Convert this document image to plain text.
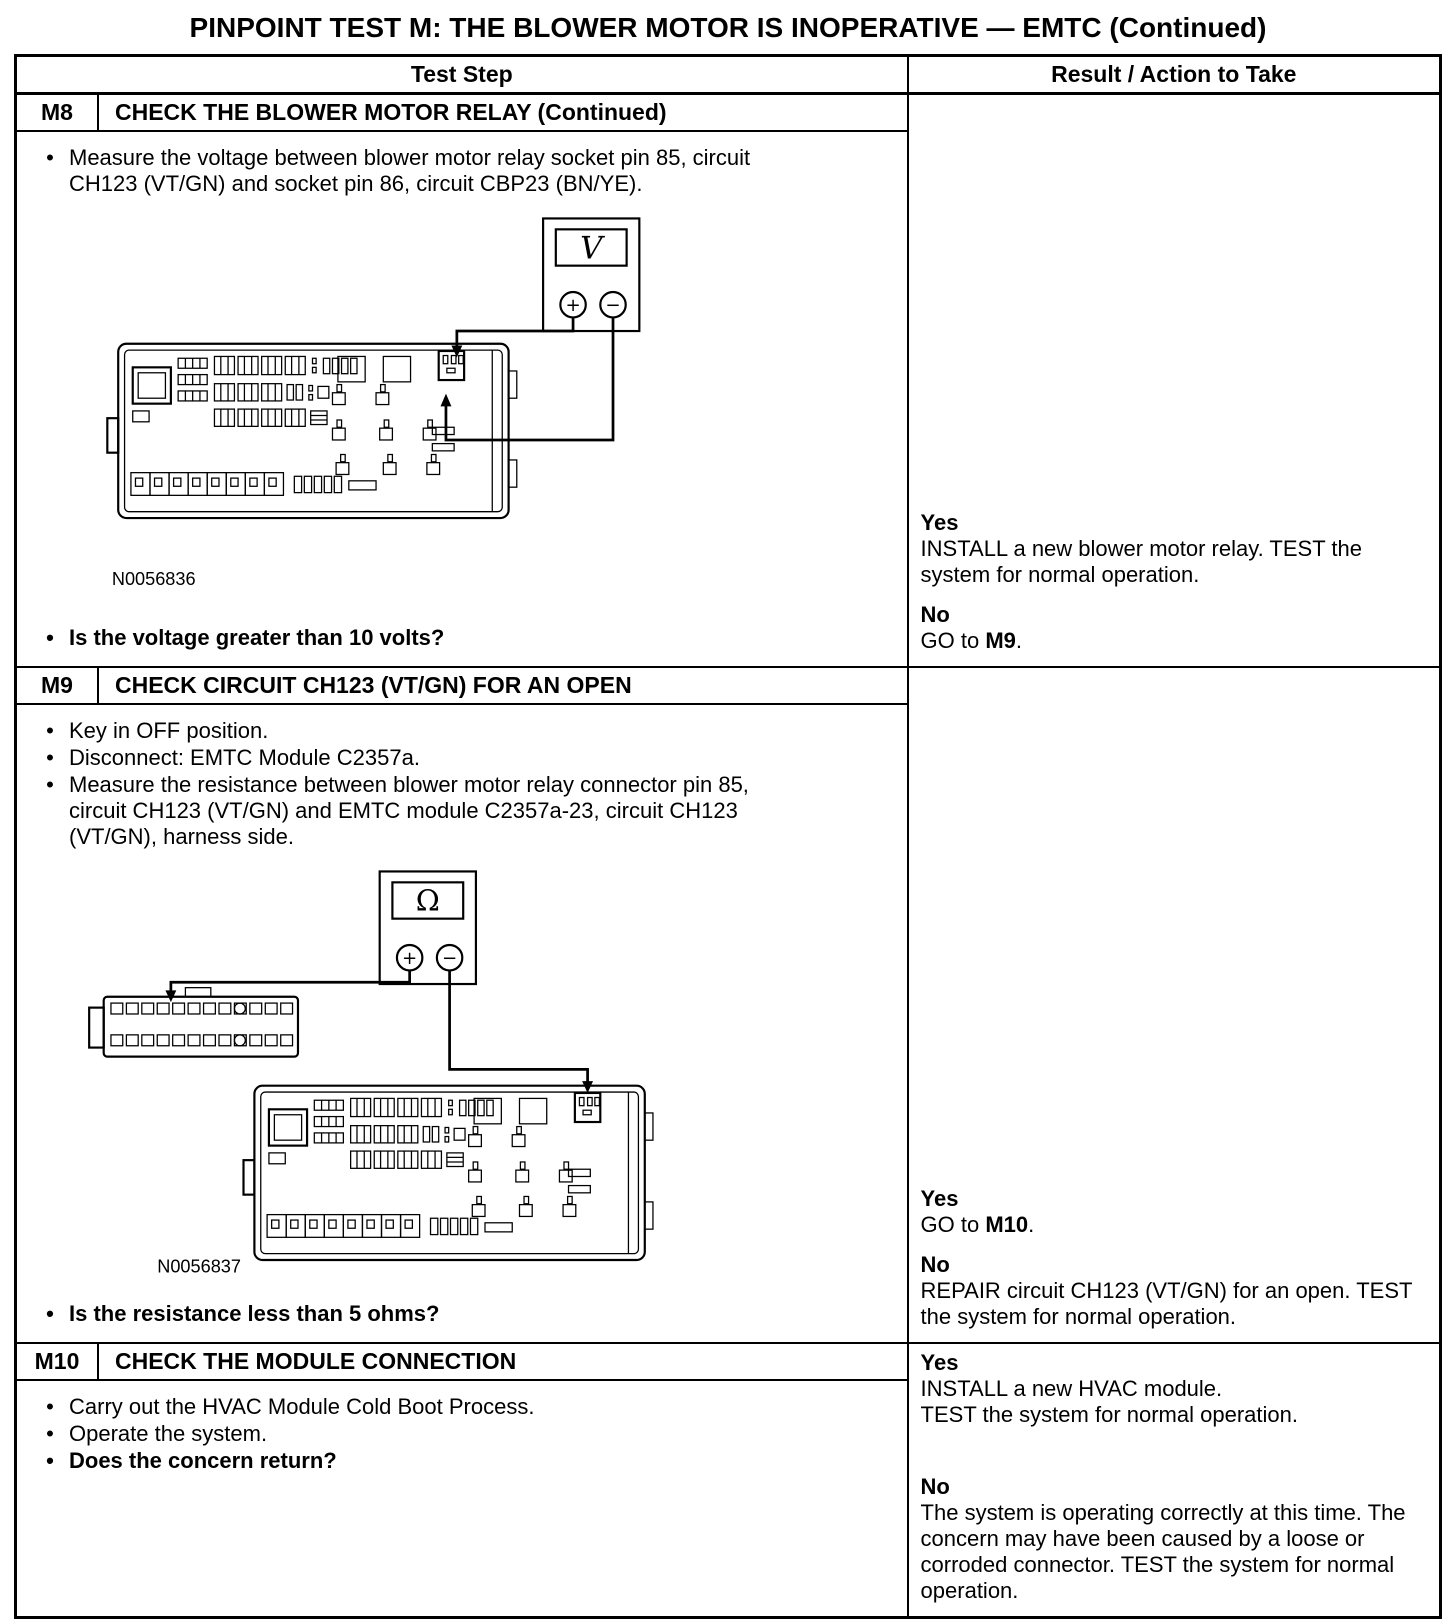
PINPOINT TEST M: THE BLOWER MOTOR IS INOPERATIVE — EMTC (Continued)
Test Step	Result / Action to Take

M8	CHECK THE BLOWER MOTOR RELAY (Continued)
• Measure the voltage between blower motor relay socket pin 85, circuit CH123 (VT/GN) and socket pin 86, circuit CBP23 (BN/YE).
V
+ −
N0056836
• Is the voltage greater than 10 volts?

Yes
INSTALL a new blower motor relay. TEST the system for normal operation.
No
GO to M9.

M9	CHECK CIRCUIT CH123 (VT/GN) FOR AN OPEN
• Key in OFF position.
• Disconnect: EMTC Module C2357a.
• Measure the resistance between blower motor relay connector pin 85, circuit CH123 (VT/GN) and EMTC module C2357a-23, circuit CH123 (VT/GN), harness side.
Ω
+ −
N0056837
• Is the resistance less than 5 ohms?

Yes
GO to M10.
No
REPAIR circuit CH123 (VT/GN) for an open. TEST the system for normal operation.

M10	CHECK THE MODULE CONNECTION
• Carry out the HVAC Module Cold Boot Process.
• Operate the system.
• Does the concern return?

Yes
INSTALL a new HVAC module.
TEST the system for normal operation.
No
The system is operating correctly at this time. The concern may have been caused by a loose or corroded connector. TEST the system for normal operation.
